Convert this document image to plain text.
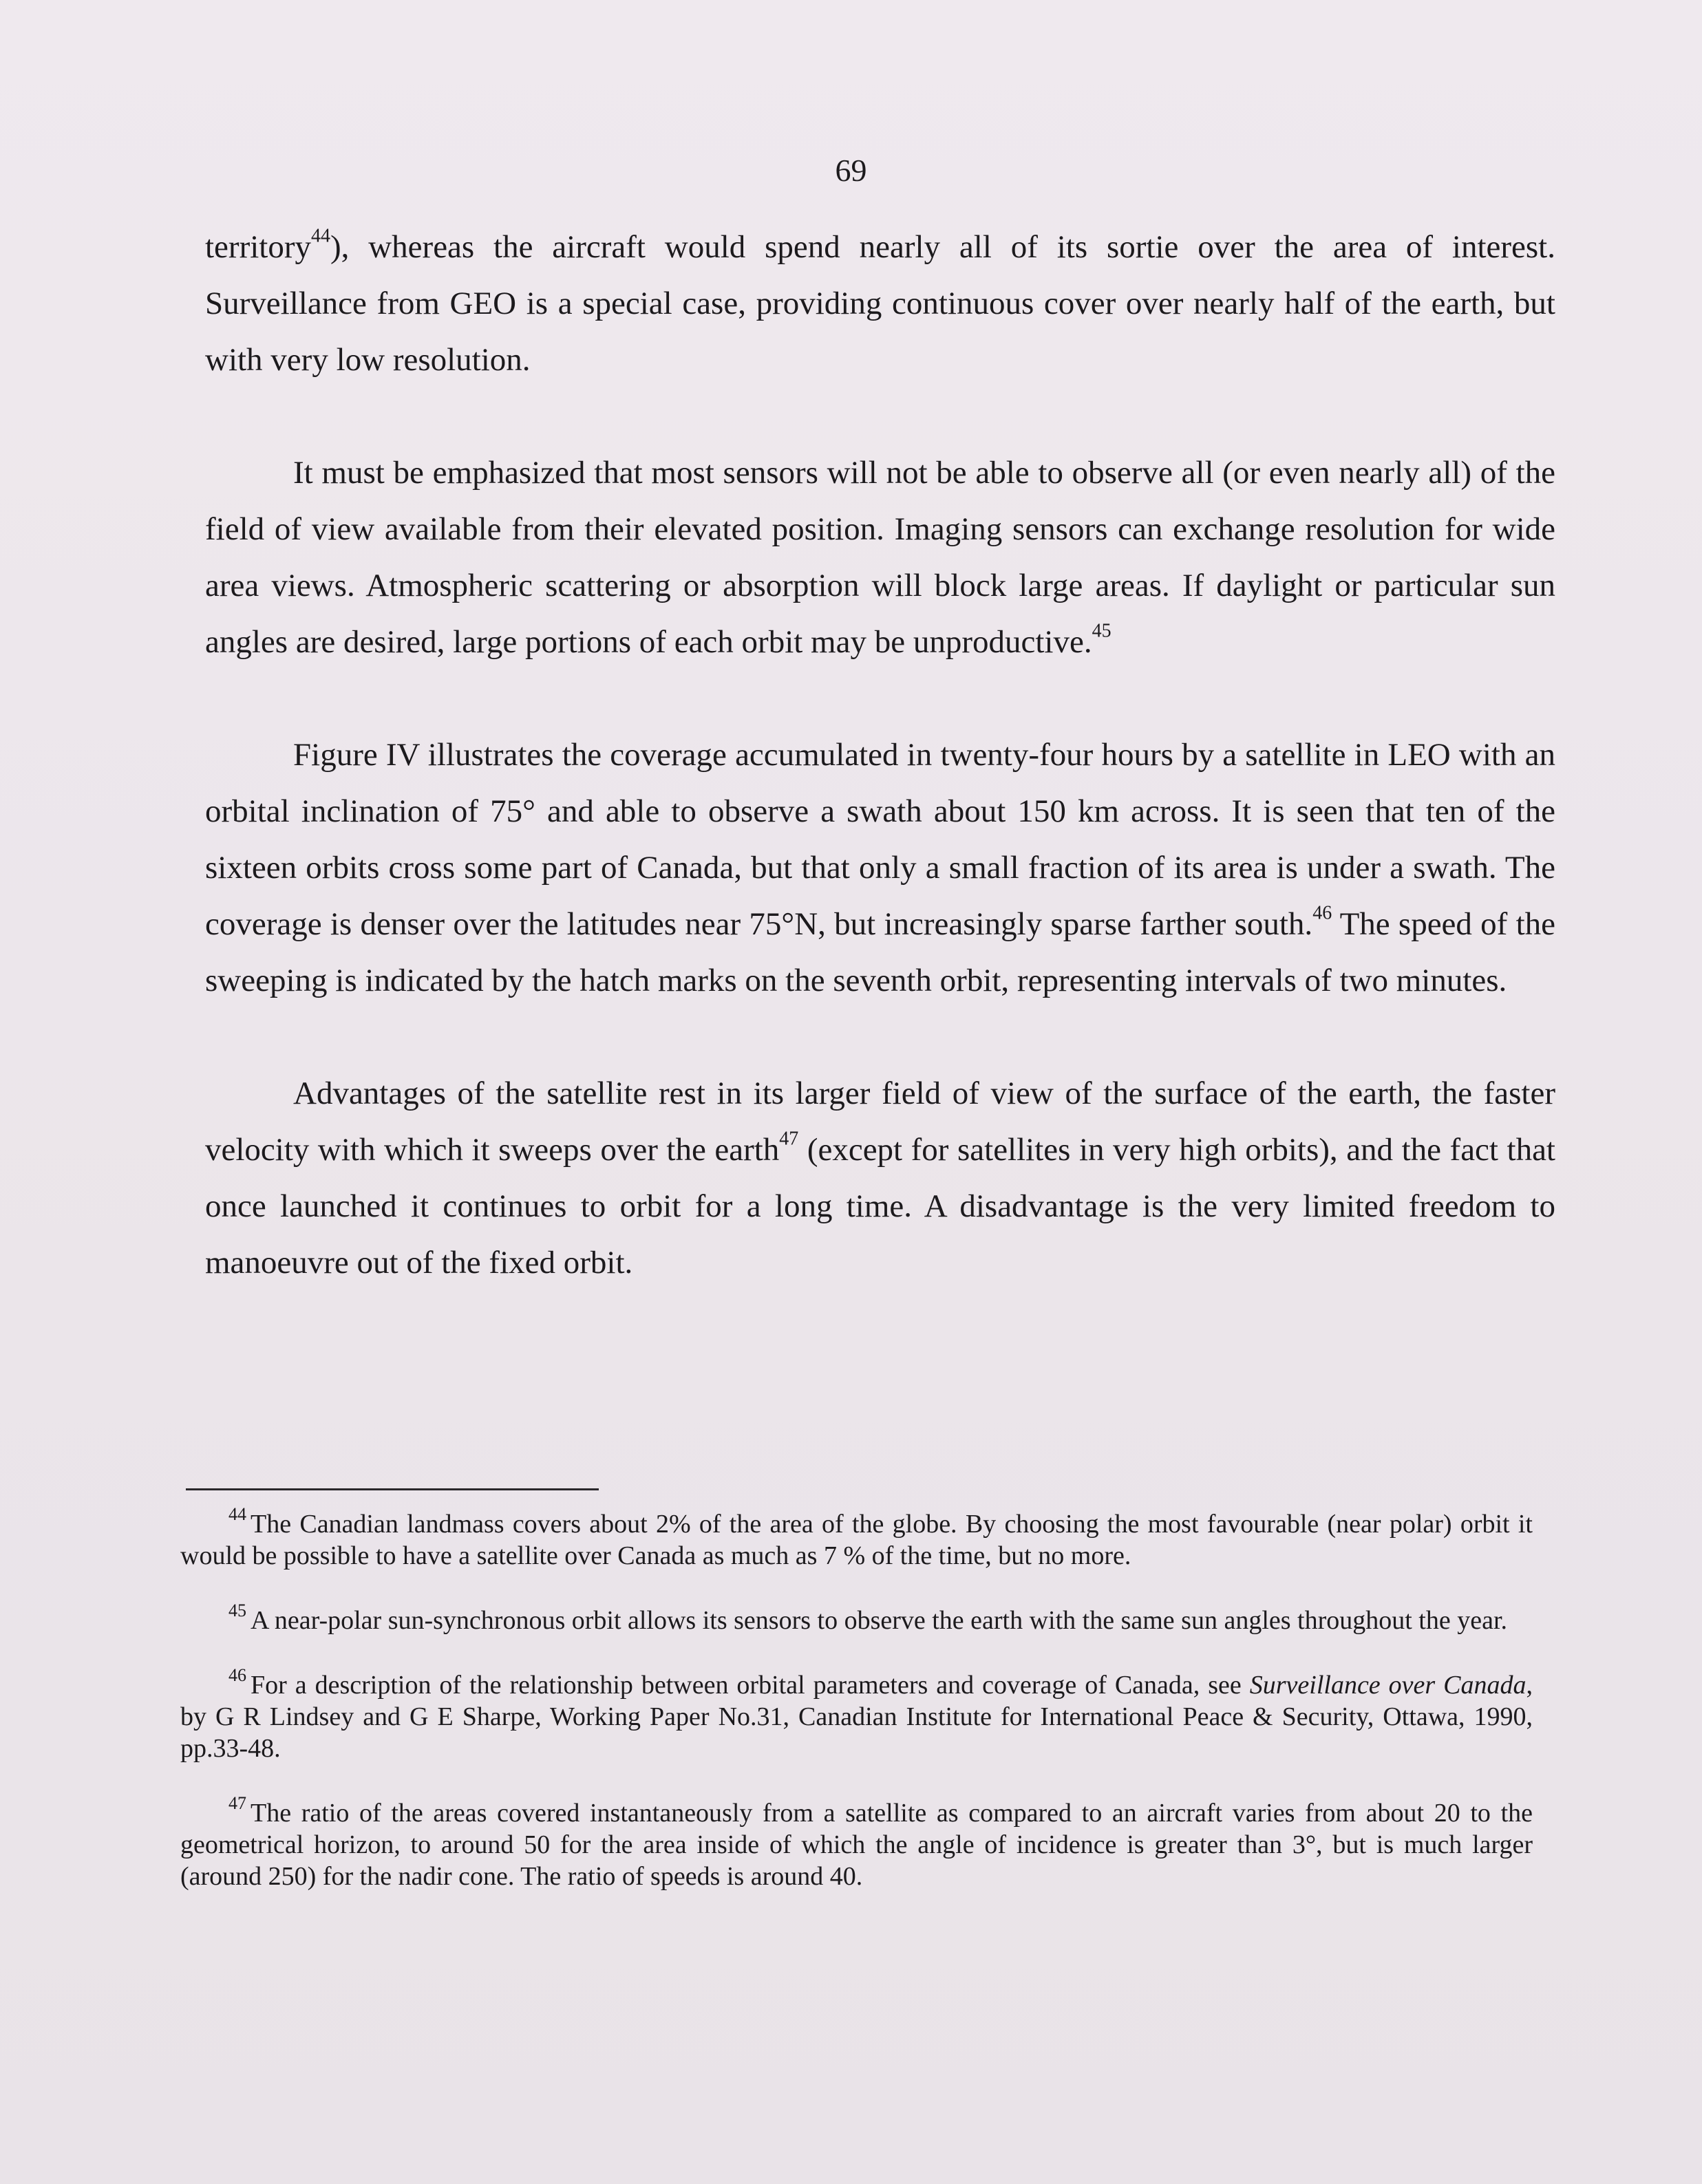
69

territory$^{44}$), whereas the aircraft would spend nearly all of its sortie over the area of interest. Surveillance from GEO is a special case, providing continuous cover over nearly half of the earth, but with very low resolution.

It must be emphasized that most sensors will not be able to observe all (or even nearly all) of the field of view available from their elevated position. Imaging sensors can exchange resolution for wide area views. Atmospheric scattering or absorption will block large areas. If daylight or particular sun angles are desired, large portions of each orbit may be unproductive.$^{45}$

Figure IV illustrates the coverage accumulated in twenty-four hours by a satellite in LEO with an orbital inclination of 75° and able to observe a swath about 150 km across. It is seen that ten of the sixteen orbits cross some part of Canada, but that only a small fraction of its area is under a swath. The coverage is denser over the latitudes near 75°N, but increasingly sparse farther south.$^{46}$ The speed of the sweeping is indicated by the hatch marks on the seventh orbit, representing intervals of two minutes.

Advantages of the satellite rest in its larger field of view of the surface of the earth, the faster velocity with which it sweeps over the earth$^{47}$ (except for satellites in very high orbits), and the fact that once launched it continues to orbit for a long time. A disadvantage is the very limited freedom to manoeuvre out of the fixed orbit.

$^{44}$ The Canadian landmass covers about 2% of the area of the globe. By choosing the most favourable (near polar) orbit it would be possible to have a satellite over Canada as much as 7 % of the time, but no more.

$^{45}$ A near-polar sun-synchronous orbit allows its sensors to observe the earth with the same sun angles throughout the year.

$^{46}$ For a description of the relationship between orbital parameters and coverage of Canada, see Surveillance over Canada, by G R Lindsey and G E Sharpe, Working Paper No.31, Canadian Institute for International Peace & Security, Ottawa, 1990, pp.33-48.

$^{47}$ The ratio of the areas covered instantaneously from a satellite as compared to an aircraft varies from about 20 to the geometrical horizon, to around 50 for the area inside of which the angle of incidence is greater than 3°, but is much larger (around 250) for the nadir cone. The ratio of speeds is around 40.
